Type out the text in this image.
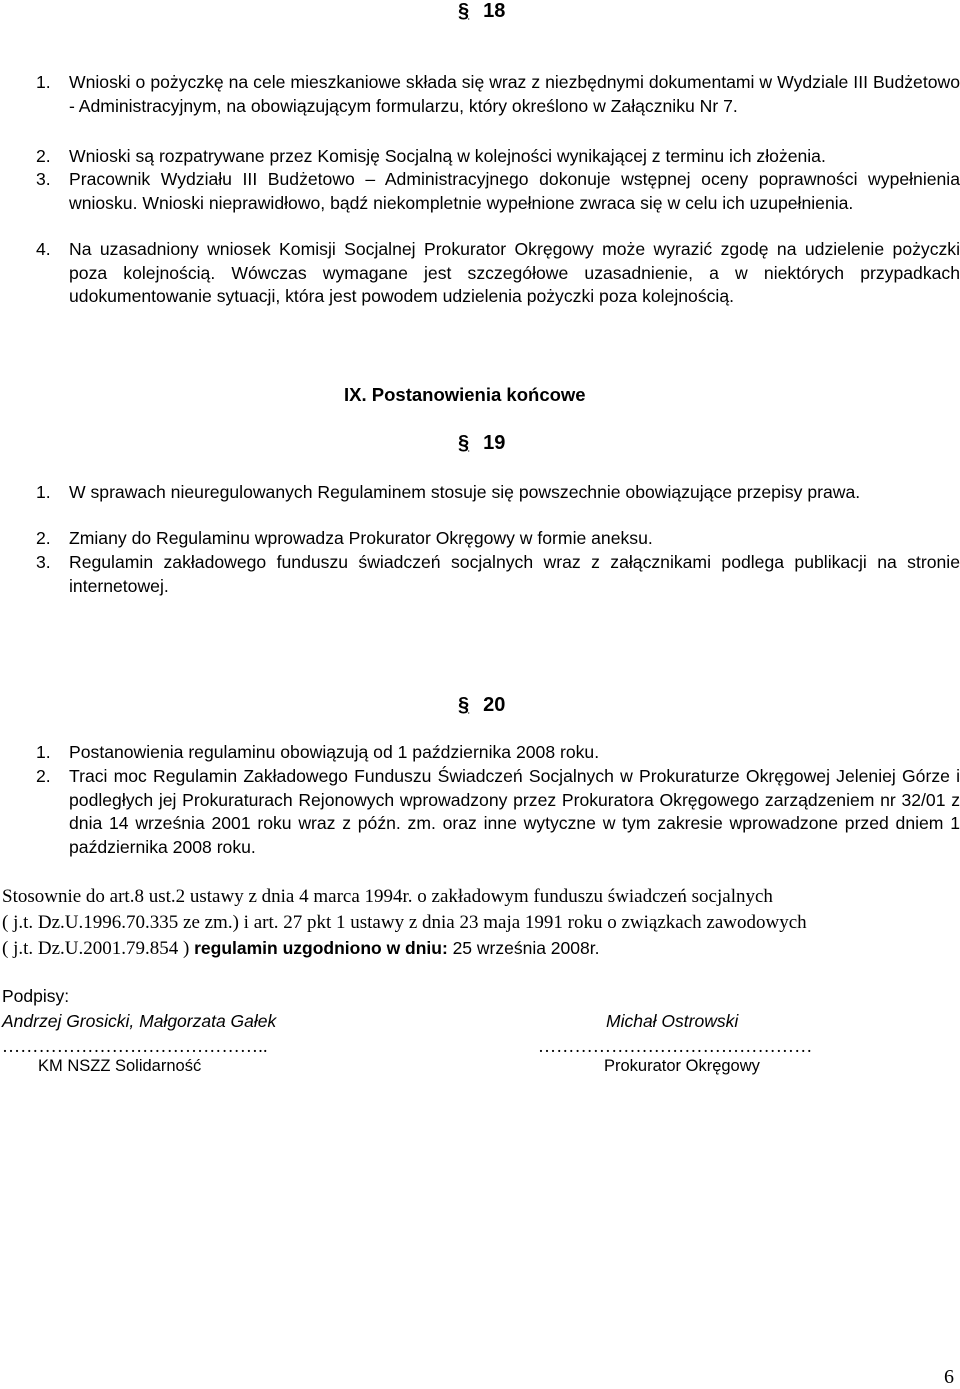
§ 18
1.	Wnioski o pożyczkę na cele mieszkaniowe składa się wraz z niezbędnymi dokumentami w Wydziale III Budżetowo - Administracyjnym, na obowiązującym formularzu, który określono w Załączniku Nr 7.
2.	Wnioski są rozpatrywane przez Komisję Socjalną w kolejności wynikającej z terminu ich złożenia.
3.	Pracownik Wydziału III Budżetowo – Administracyjnego dokonuje wstępnej oceny poprawności wypełnienia wniosku. Wnioski nieprawidłowo, bądź niekompletnie wypełnione zwraca się w celu ich uzupełnienia.
4.	Na uzasadniony wniosek Komisji Socjalnej Prokurator Okręgowy może wyrazić zgodę na udzielenie pożyczki poza kolejnością. Wówczas wymagane jest szczegółowe uzasadnienie, a w niektórych przypadkach udokumentowanie sytuacji, która jest powodem udzielenia pożyczki poza kolejnością.
IX. Postanowienia końcowe
§ 19
1.	W sprawach nieuregulowanych Regulaminem stosuje się powszechnie obowiązujące przepisy prawa.
2.	Zmiany do Regulaminu wprowadza Prokurator Okręgowy w formie aneksu.
3.	Regulamin zakładowego funduszu świadczeń socjalnych wraz z załącznikami podlega publikacji na stronie internetowej.
§ 20
1.	Postanowienia regulaminu obowiązują od 1 października 2008 roku.
2.	Traci moc Regulamin Zakładowego Funduszu Świadczeń Socjalnych w Prokuraturze Okręgowej Jeleniej Górze i podległych jej Prokuraturach Rejonowych wprowadzony przez Prokuratora Okręgowego zarządzeniem nr 32/01 z dnia 14 września 2001 roku wraz z późn. zm. oraz inne wytyczne w tym zakresie wprowadzone przed dniem 1 października 2008 roku.
Stosownie do art.8 ust.2 ustawy z dnia 4 marca 1994r. o zakładowym funduszu świadczeń socjalnych
( j.t. Dz.U.1996.70.335 ze zm.) i art. 27 pkt 1 ustawy z dnia 23 maja 1991 roku o związkach zawodowych
( j.t. Dz.U.2001.79.854 ) regulamin uzgodniono w dniu: 25 września 2008r.
Podpisy:
Andrzej Grosicki, Małgorzata Gałek	Michał Ostrowski
……………………………………..	………………………………………
KM NSZZ Solidarność	Prokurator Okręgowy
6
